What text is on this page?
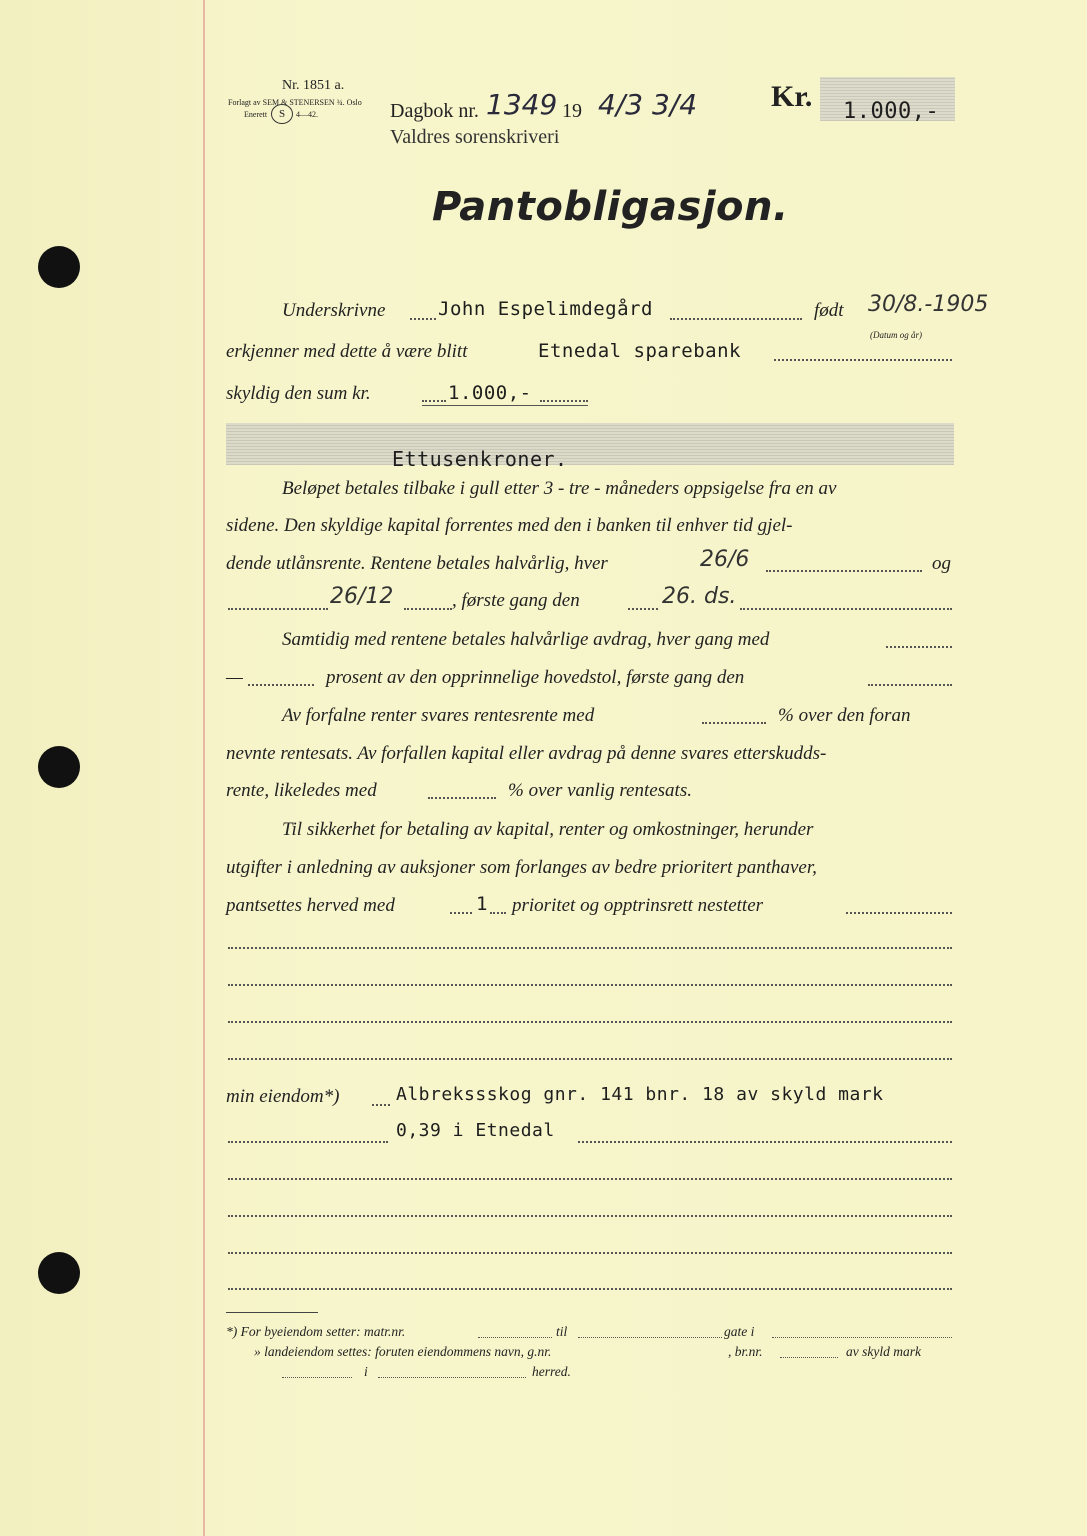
Nr. 1851 a.
Forlagt av SEM & STENERSEN ¾. Oslo
Enerett	S	4—42.	Dagbok nr. 1349 19 4/3 3/4
Valdres sorenskriveri
Kr. 1.000,-
Pantobligasjon.
Underskrivne	John Espelimdegård	født 30/8.-1905
(Datum og år)
erkjenner med dette å være blitt	Etnedal sparebank
skyldig den sum kr.	1.000,-
Ettusenkroner.
Beløpet betales tilbake i gull etter 3 - tre - måneders oppsigelse fra en av
sidene. Den skyldige kapital forrentes med den i banken til enhver tid gjel-
dende utlånsrente. Rentene betales halvårlig, hver	26/6	og
26/12	, første gang den	26. ds.
Samtidig med rentene betales halvårlige avdrag, hver gang med
—	prosent av den opprinnelige hovedstol, første gang den
Av forfalne renter svares rentesrente med	% over den foran
nevnte rentesats. Av forfallen kapital eller avdrag på denne svares etterskudds-
rente, likeledes med	% over vanlig rentesats.
Til sikkerhet for betaling av kapital, renter og omkostninger, herunder
utgifter i anledning av auksjoner som forlanges av bedre prioritert panthaver,
pantsettes herved med	1 prioritet og opptrinsrett nestetter
min eiendom*)	Albrekssskog gnr. 141 bnr. 18 av skyld mark
0,39 i Etnedal
*) For byeiendom setter: matr.nr.	til	gate i
» landeiendom settes: foruten eiendommens navn, g.nr.	, br.nr.	av skyld mark
i	herred.
